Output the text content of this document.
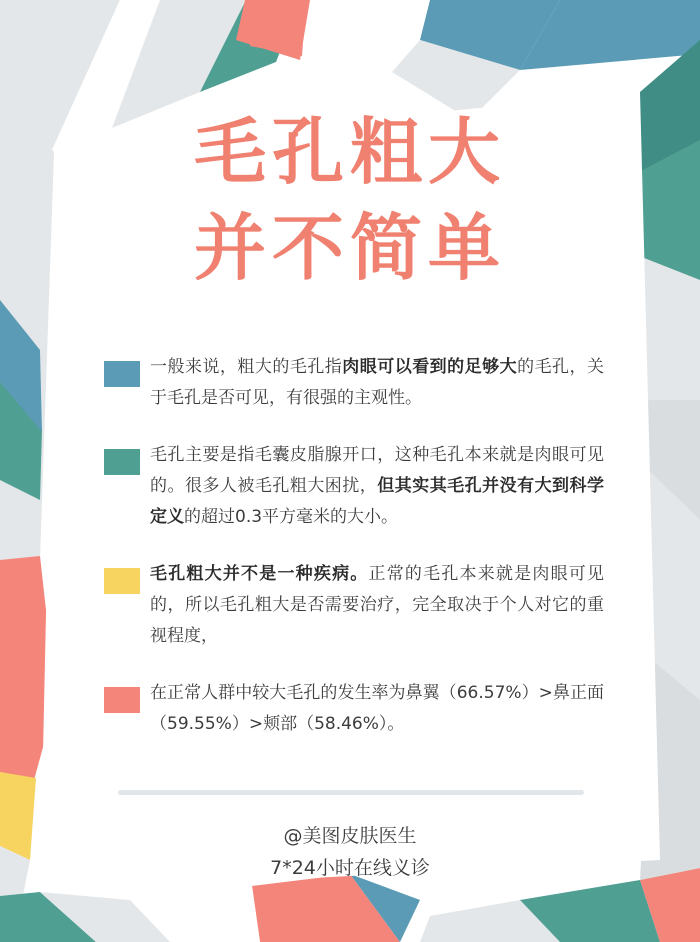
毛孔粗大
并不简单
一般来说，粗大的毛孔指肉眼可以看到的足够大的毛孔，关于毛孔是否可见，有很强的主观性。
毛孔主要是指毛囊皮脂腺开口，这种毛孔本来就是肉眼可见的。很多人被毛孔粗大困扰，但其实其毛孔并没有大到科学定义的超过0.3平方毫米的大小。
毛孔粗大并不是一种疾病。正常的毛孔本来就是肉眼可见的，所以毛孔粗大是否需要治疗，完全取决于个人对它的重视程度，
在正常人群中较大毛孔的发生率为鼻翼（66.57%）>鼻正面（59.55%）>颊部（58.46%）。
@美图皮肤医生
7*24小时在线义诊
